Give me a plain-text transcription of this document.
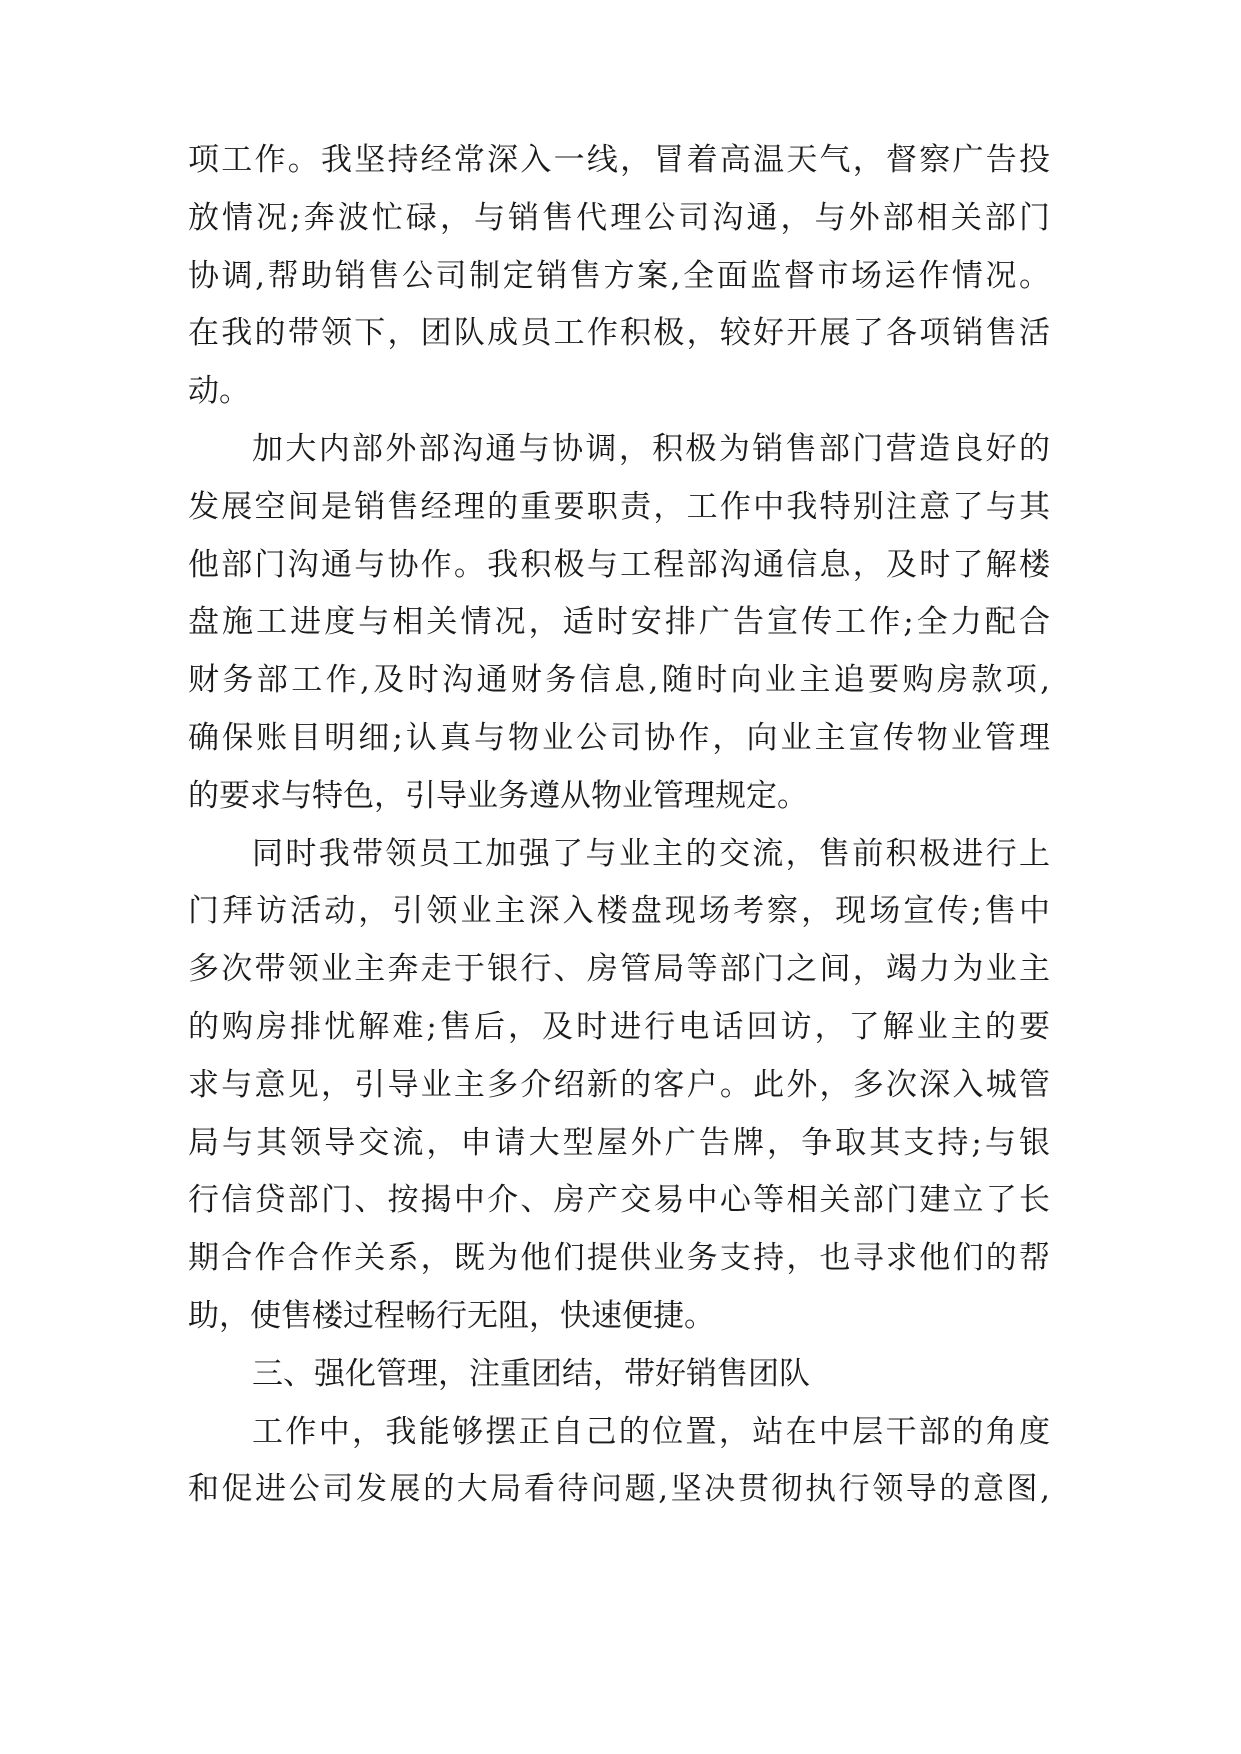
项工作。我坚持经常深入一线，冒着高温天气，督察广告投
放情况;奔波忙碌，与销售代理公司沟通，与外部相关部门
协调,帮助销售公司制定销售方案,全面监督市场运作情况。
在我的带领下，团队成员工作积极，较好开展了各项销售活
动。
加大内部外部沟通与协调，积极为销售部门营造良好的
发展空间是销售经理的重要职责，工作中我特别注意了与其
他部门沟通与协作。我积极与工程部沟通信息，及时了解楼
盘施工进度与相关情况，适时安排广告宣传工作;全力配合
财务部工作,及时沟通财务信息,随时向业主追要购房款项,
确保账目明细;认真与物业公司协作，向业主宣传物业管理
的要求与特色，引导业务遵从物业管理规定。
同时我带领员工加强了与业主的交流，售前积极进行上
门拜访活动，引领业主深入楼盘现场考察，现场宣传;售中
多次带领业主奔走于银行、房管局等部门之间，竭力为业主
的购房排忧解难;售后，及时进行电话回访，了解业主的要
求与意见，引导业主多介绍新的客户。此外，多次深入城管
局与其领导交流，申请大型屋外广告牌，争取其支持;与银
行信贷部门、按揭中介、房产交易中心等相关部门建立了长
期合作合作关系，既为他们提供业务支持，也寻求他们的帮
助，使售楼过程畅行无阻，快速便捷。
三、强化管理，注重团结，带好销售团队
工作中，我能够摆正自己的位置，站在中层干部的角度
和促进公司发展的大局看待问题,坚决贯彻执行领导的意图,
